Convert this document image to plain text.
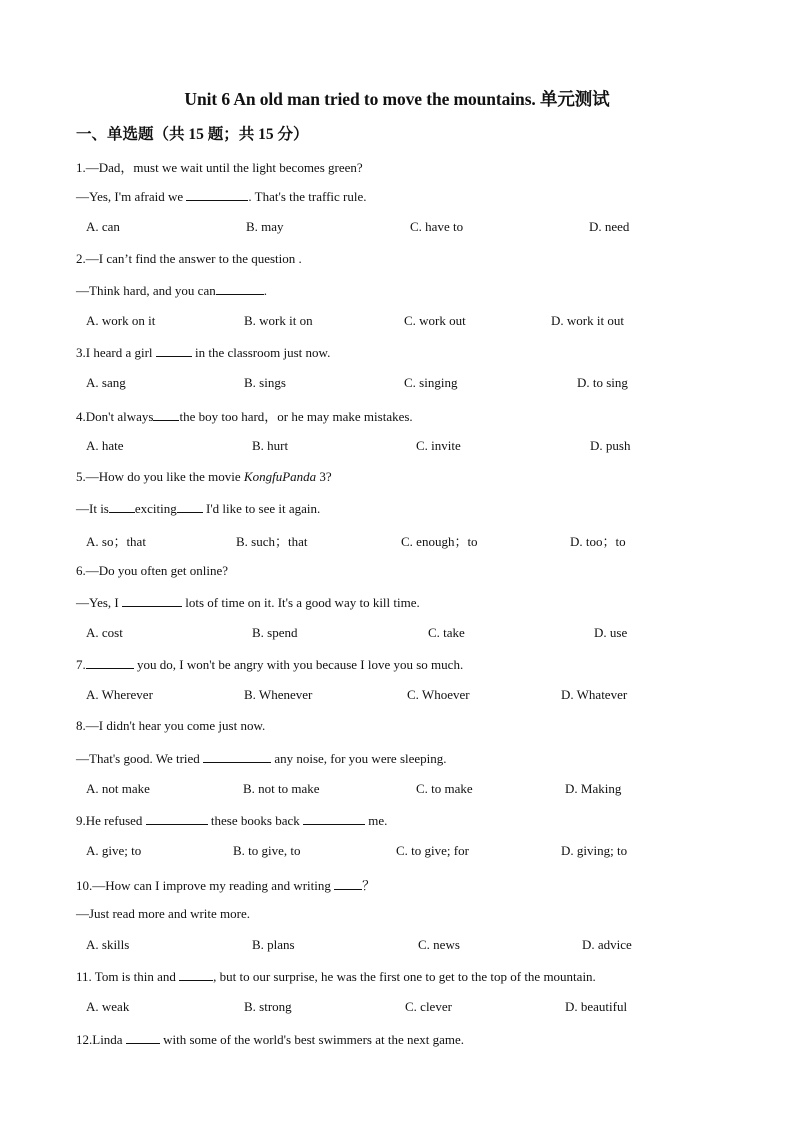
Unit 6 An old man tried to move the mountains. 单元测试
一、单选题（共 15 题；共 15 分）
1.—Dad，must we wait until the light becomes green?
—Yes, I'm afraid we	. That's the traffic rule.
A. can	B. may	C. have to	D. need
2.—I can’t find the answer to the question .
—Think hard, and you can	.
A. work on it	B. work it on	C. work out	D. work it out
3.I heard a girl	in the classroom just now.
A. sang	B. sings	C. singing	D. to sing
4.Don't always the boy too hard，or he may make mistakes.
A. hate	B. hurt	C. invite	D. push
5.—How do you like the movie KongfuPanda 3?
—It is exciting I'd like to see it again.
A. so；that	B. such；that	C. enough；to	D. too；to
6.—Do you often get online?
—Yes, I	lots of time on it. It's a good way to kill time.
A. cost	B. spend	C. take	D. use
7.	you do, I won't be angry with you because I love you so much.
A. Wherever	B. Whenever	C. Whoever	D. Whatever
8.—I didn't hear you come just now.
—That's good. We tried	any noise, for you were sleeping.
A. not make	B. not to make	C. to make	D. Making
9.He refused	these books back	me.
A. give; to	B. to give, to	C. to give; for	D. giving; to
10.—How can I improve my reading and writing ？
—Just read more and write more.
A. skills	B. plans	C. news	D. advice
11. Tom is thin and	, but to our surprise, he was the first one to get to the top of the mountain.
A. weak	B. strong	C. clever	D. beautiful
12.Linda	with some of the world's best swimmers at the next game.
